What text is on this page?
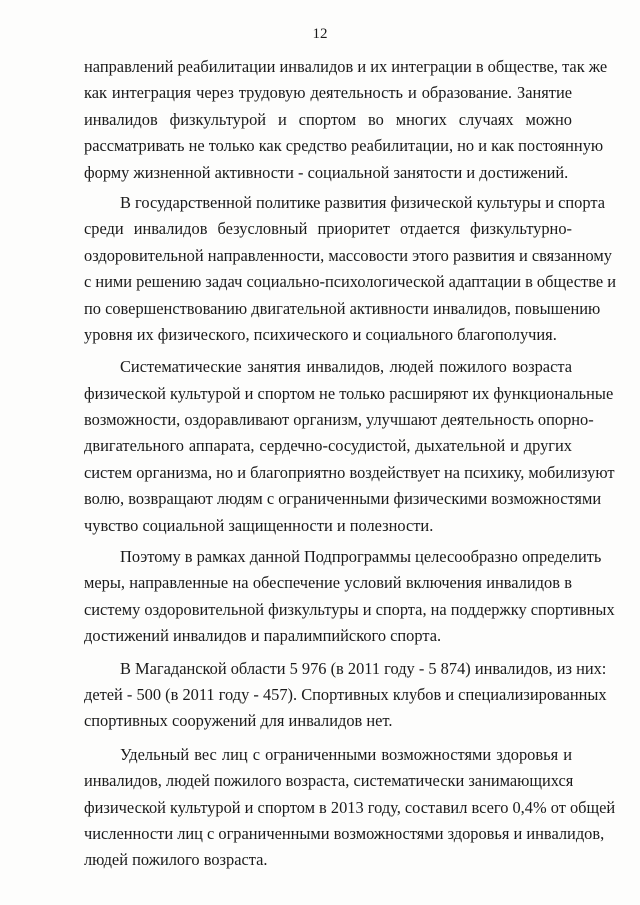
12
направлений реабилитации инвалидов и их интеграции в обществе, так же
как интеграция через трудовую деятельность и образование. Занятие
инвалидов физкультурой и спортом во многих случаях можно
рассматривать не только как средство реабилитации, но и как постоянную
форму жизненной активности - социальной занятости и достижений.
В государственной политике развития физической культуры и спорта
среди инвалидов безусловный приоритет отдается физкультурно-
оздоровительной направленности, массовости этого развития и связанному
с ними решению задач социально-психологической адаптации в обществе и
по совершенствованию двигательной активности инвалидов, повышению
уровня их физического, психического и социального благополучия.
Систематические занятия инвалидов, людей пожилого возраста
физической культурой и спортом не только расширяют их функциональные
возможности, оздоравливают организм, улучшают деятельность опорно-
двигательного аппарата, сердечно-сосудистой, дыхательной и других
систем организма, но и благоприятно воздействует на психику, мобилизуют
волю, возвращают людям с ограниченными физическими возможностями
чувство социальной защищенности и полезности.
Поэтому в рамках данной Подпрограммы целесообразно определить
меры, направленные на обеспечение условий включения инвалидов в
систему оздоровительной физкультуры и спорта, на поддержку спортивных
достижений инвалидов и паралимпийского спорта.
В Магаданской области 5 976 (в 2011 году - 5 874) инвалидов, из них:
детей - 500 (в 2011 году - 457). Спортивных клубов и специализированных
спортивных сооружений для инвалидов нет.
Удельный вес лиц с ограниченными возможностями здоровья и
инвалидов, людей пожилого возраста, систематически занимающихся
физической культурой и спортом в 2013 году, составил всего 0,4% от общей
численности лиц с ограниченными возможностями здоровья и инвалидов,
людей пожилого возраста.
